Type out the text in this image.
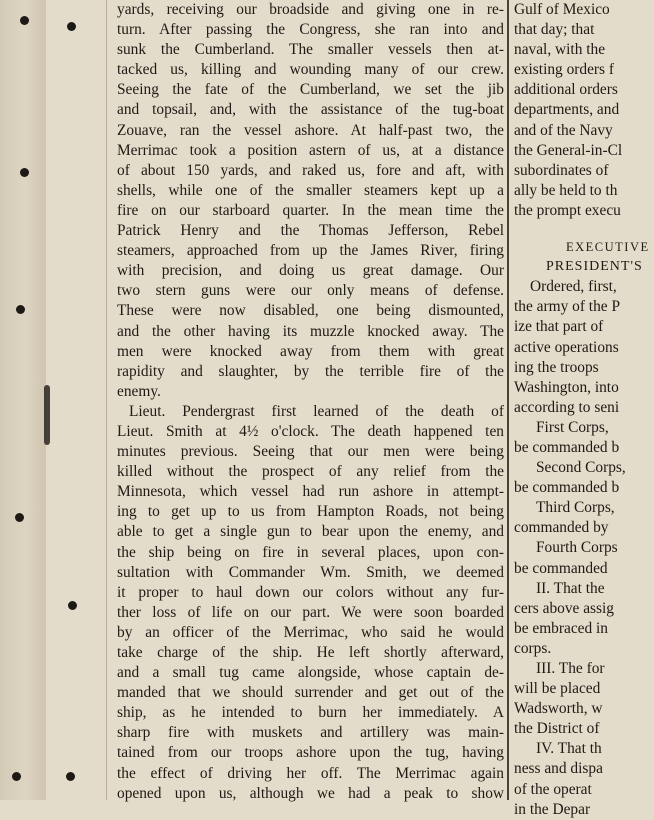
yards, receiving our broadside and giving one in re-
turn. After passing the Congress, she ran into and
sunk the Cumberland. The smaller vessels then at-
tacked us, killing and wounding many of our crew.
Seeing the fate of the Cumberland, we set the jib
and topsail, and, with the assistance of the tug-boat
Zouave, ran the vessel ashore. At half-past two, the
Merrimac took a position astern of us, at a distance
of about 150 yards, and raked us, fore and aft, with
shells, while one of the smaller steamers kept up a
fire on our starboard quarter. In the mean time the
Patrick Henry and the Thomas Jefferson, Rebel
steamers, approached from up the James River, firing
with precision, and doing us great damage. Our
two stern guns were our only means of defense.
These were now disabled, one being dismounted,
and the other having its muzzle knocked away. The
men were knocked away from them with great
rapidity and slaughter, by the terrible fire of the
enemy.
Lieut. Pendergrast first learned of the death of
Lieut. Smith at 4½ o'clock. The death happened ten
minutes previous. Seeing that our men were being
killed without the prospect of any relief from the
Minnesota, which vessel had run ashore in attempt-
ing to get up to us from Hampton Roads, not being
able to get a single gun to bear upon the enemy, and
the ship being on fire in several places, upon con-
sultation with Commander Wm. Smith, we deemed
it proper to haul down our colors without any fur-
ther loss of life on our part. We were soon boarded
by an officer of the Merrimac, who said he would
take charge of the ship. He left shortly afterward,
and a small tug came alongside, whose captain de-
manded that we should surrender and get out of the
ship, as he intended to burn her immediately. A
sharp fire with muskets and artillery was main-
tained from our troops ashore upon the tug, having
the effect of driving her off. The Merrimac again
opened upon us, although we had a peak to show
Gulf of Mexico
that day; that
naval, with the
existing orders f
additional orders
departments, and
and of the Navy
the General-in-Cl
subordinates of
ally be held to th
the prompt execu
EXECUTIVE
PRESIDENT'S
Ordered, first,
the army of the P
ize that part of
active operations
ing the troops
Washington, into
according to seni
First Corps,
be commanded b
Second Corps,
be commanded b
Third Corps,
commanded by
Fourth Corps
be commanded
II. That the
cers above assig
be embraced in
corps.
III. The for
will be placed
Wadsworth, w
the District of
IV. That th
ness and dispa
of the operat
in the Depar
